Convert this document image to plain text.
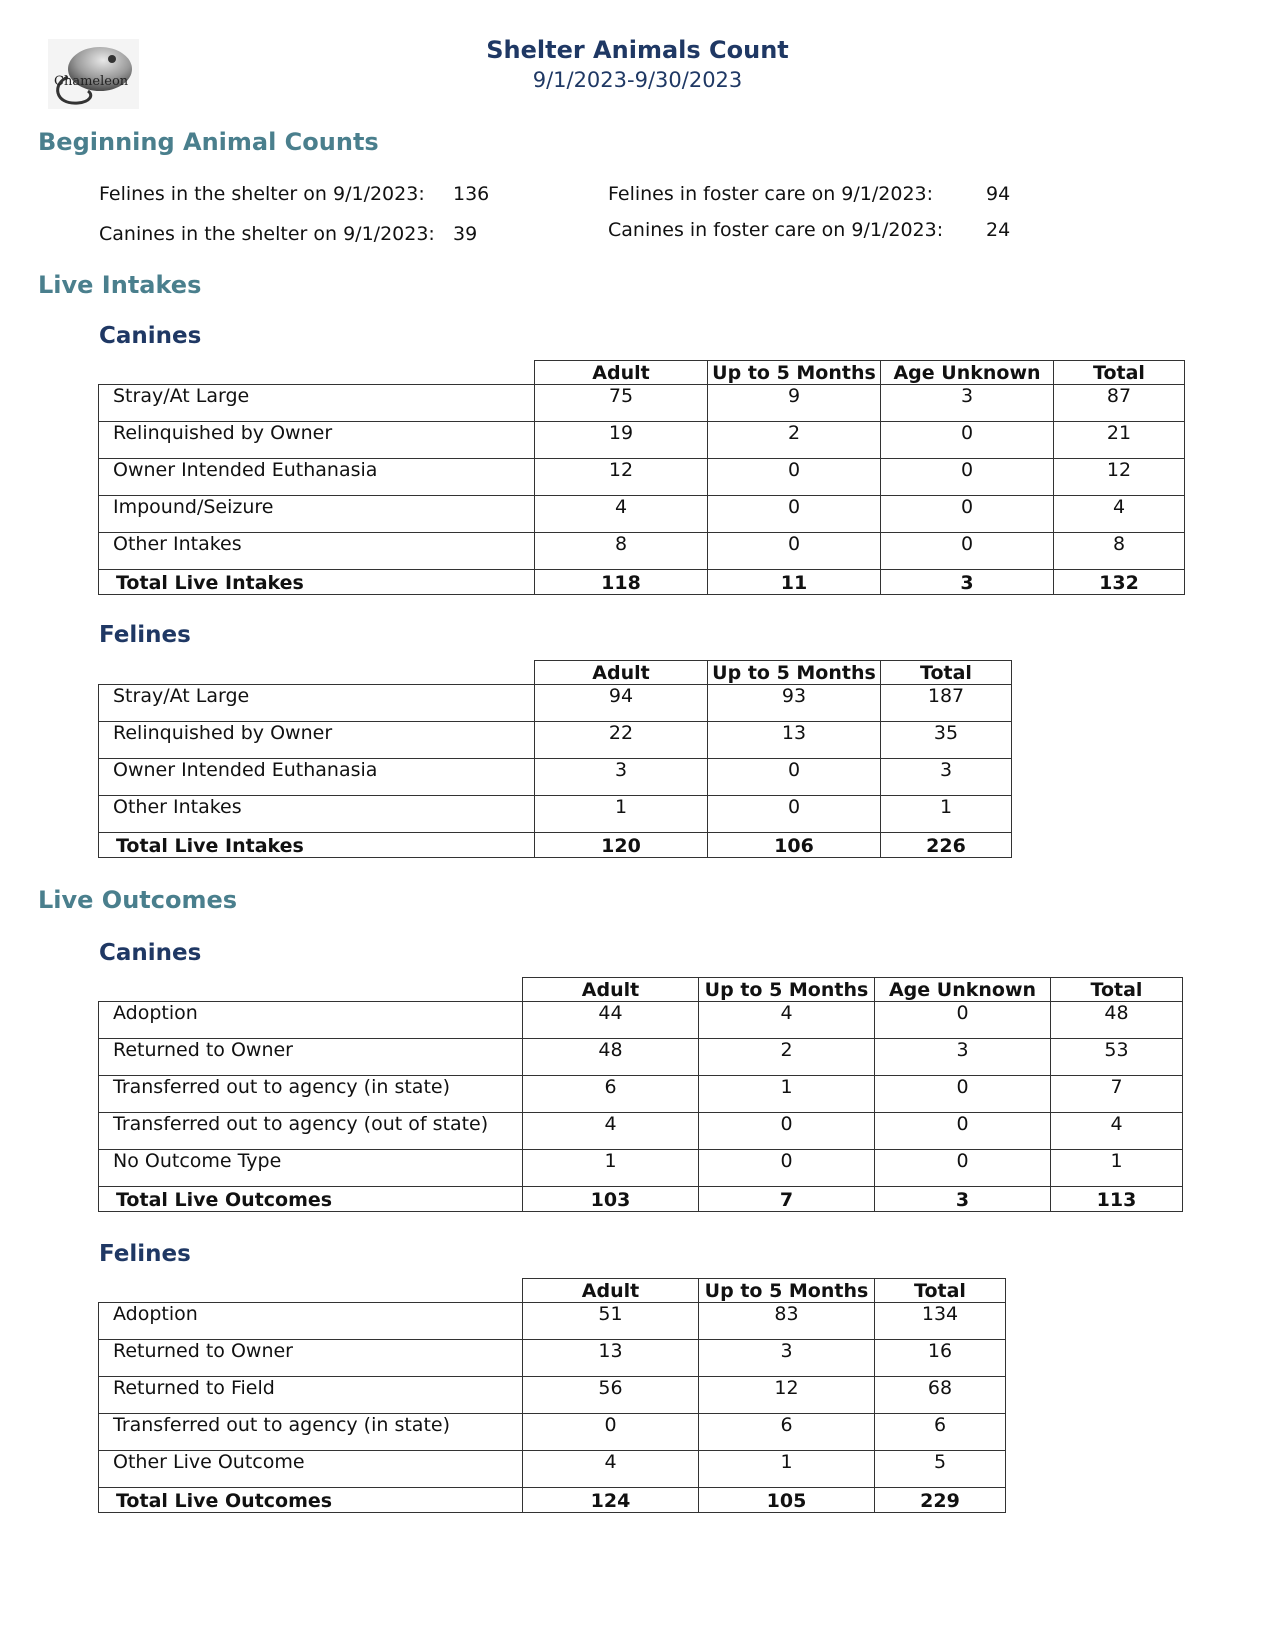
Chameleon
Shelter Animals Count
9/1/2023-9/30/2023
Beginning Animal Counts
Felines in the shelter on 9/1/2023: 136
Canines in the shelter on 9/1/2023: 39
Felines in foster care on 9/1/2023:	94
Canines in foster care on 9/1/2023: 24
Live Intakes
Canines
	Adult	Up to 5 Months	Age Unknown	Total
Stray/At Large	75	9	3	87
Relinquished by Owner	19	2	0	21
Owner Intended Euthanasia	12	0	0	12
Impound/Seizure	4	0	0	4
Other Intakes	8	0	0	8
Total Live Intakes	118	11	3	132
Felines
	Adult	Up to 5 Months	Total
Stray/At Large	94	93	187
Relinquished by Owner	22	13	35
Owner Intended Euthanasia	3	0	3
Other Intakes	1	0	1
Total Live Intakes	120	106	226
Live Outcomes
Canines
	Adult	Up to 5 Months	Age Unknown	Total
Adoption	44	4	0	48
Returned to Owner	48	2	3	53
Transferred out to agency (in state)	6	1	0	7
Transferred out to agency (out of state)	4	0	0	4
No Outcome Type	1	0	0	1
Total Live Outcomes	103	7	3	113
Felines
	Adult	Up to 5 Months	Total
Adoption	51	83	134
Returned to Owner	13	3	16
Returned to Field	56	12	68
Transferred out to agency (in state)	0	6	6
Other Live Outcome	4	1	5
Total Live Outcomes	124	105	229
